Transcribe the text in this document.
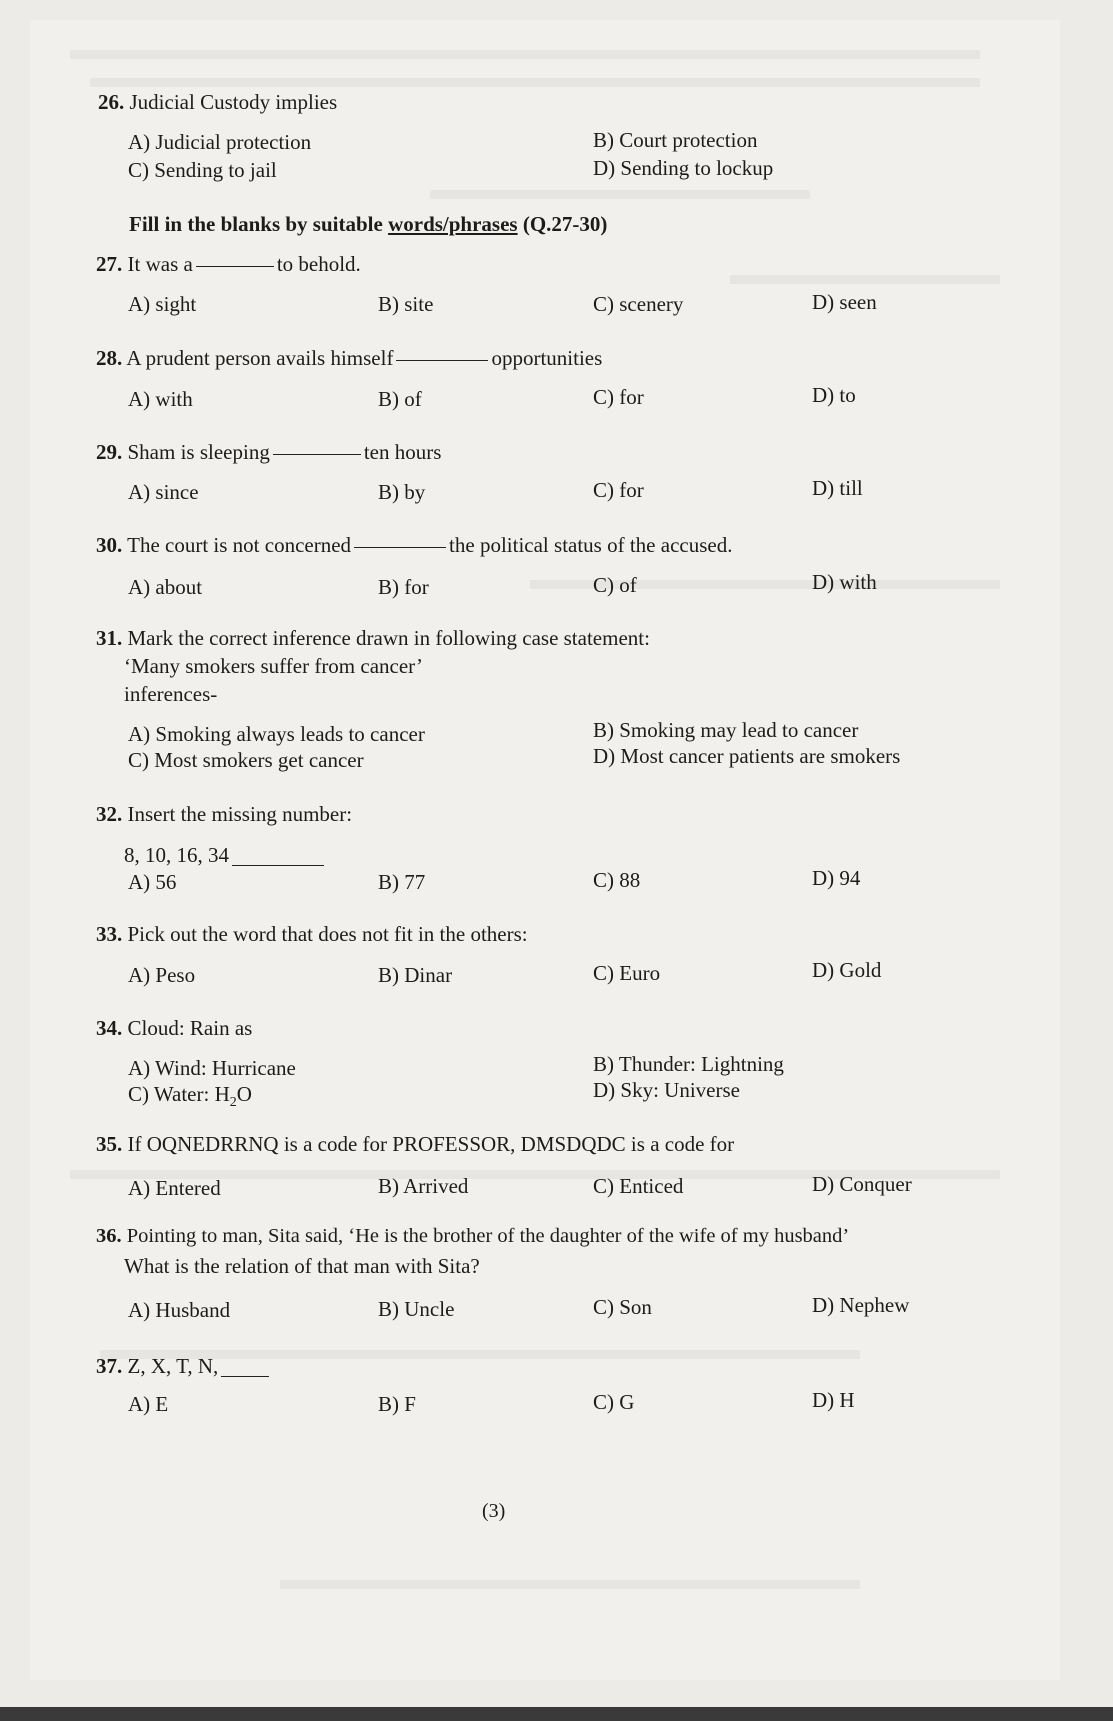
26. Judicial Custody implies
A) Judicial protection	B) Court protection
C) Sending to jail	D) Sending to lockup
Fill in the blanks by suitable words/phrases (Q.27-30)
27. It was a	to behold.
A) sight	B) site	C) scenery	D) seen
28. A prudent person avails himself	opportunities
A) with	B) of	C) for	D) to
29. Sham is sleeping	ten hours
A) since	B) by	C) for	D) till
30. The court is not concerned	the political status of the accused.
A) about	B) for	C) of	D) with
31. Mark the correct inference drawn in following case statement:
‘Many smokers suffer from cancer’
inferences-
A) Smoking always leads to cancer	B) Smoking may lead to cancer
C) Most smokers get cancer	D) Most cancer patients are smokers
32. Insert the missing number:
8, 10, 16, 34
A) 56	B) 77	C) 88	D) 94
33. Pick out the word that does not fit in the others:
A) Peso	B) Dinar	C) Euro	D) Gold
34. Cloud: Rain as
A) Wind: Hurricane	B) Thunder: Lightning
C) Water: $H_2O$	D) Sky: Universe
35. If OQNEDRRNQ is a code for PROFESSOR, DMSDQDC is a code for
A) Entered	B) Arrived	C) Enticed	D) Conquer
36. Pointing to man, Sita said, ‘He is the brother of the daughter of the wife of my husband’
What is the relation of that man with Sita?
A) Husband	B) Uncle	C) Son	D) Nephew
37. Z, X, T, N,
A) E	B) F	C) G	D) H
(3)
